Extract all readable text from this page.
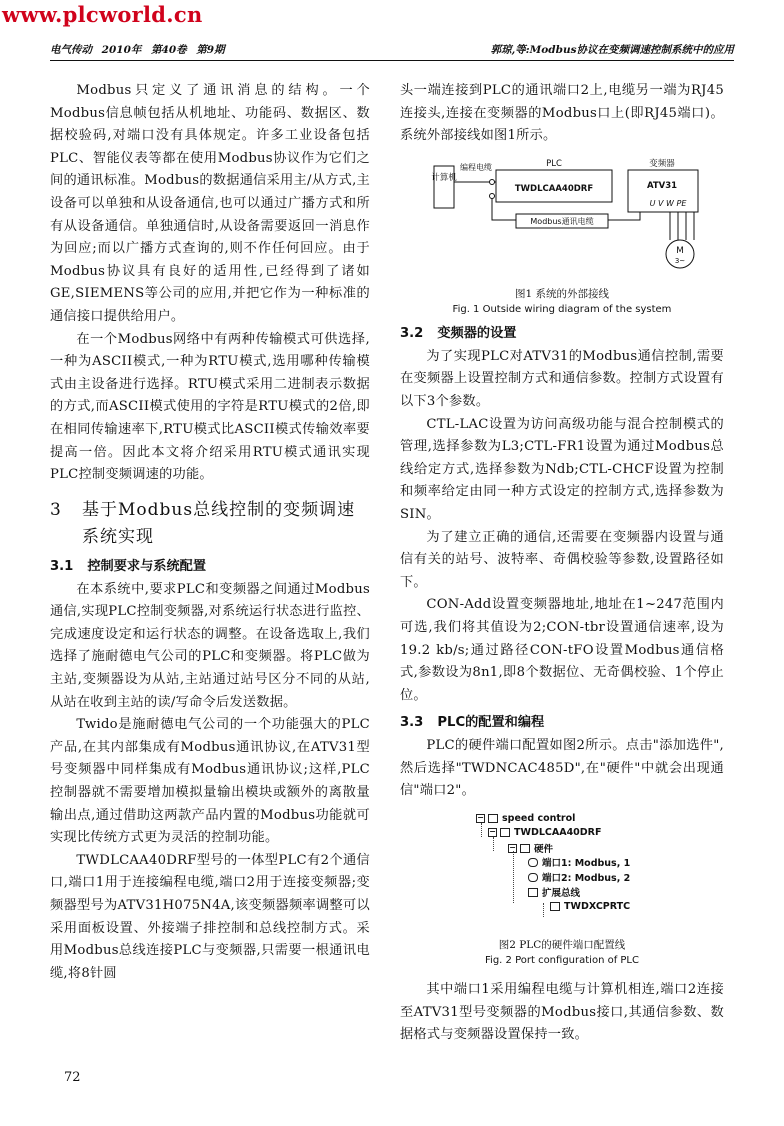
www.plcworld.cn
电气传动 2010年 第40卷 第9期	郭琼,等:Modbus协议在变频调速控制系统中的应用

Modbus只定义了通讯消息的结构。一个Modbus信息帧包括从机地址、功能码、数据区、数据校验码,对端口没有具体规定。许多工业设备包括PLC、智能仪表等都在使用Modbus协议作为它们之间的通讯标准。Modbus的数据通信采用主/从方式,主设备可以单独和从设备通信,也可以通过广播方式和所有从设备通信。单独通信时,从设备需要返回一消息作为回应;而以广播方式查询的,则不作任何回应。由于Modbus协议具有良好的适用性,已经得到了诸如GE,SIEMENS等公司的应用,并把它作为一种标准的通信接口提供给用户。

在一个Modbus网络中有两种传输模式可供选择,一种为ASCII模式,一种为RTU模式,选用哪种传输模式由主设备进行选择。RTU模式采用二进制表示数据的方式,而ASCII模式使用的字符是RTU模式的2倍,即在相同传输速率下,RTU模式比ASCII模式传输效率要提高一倍。因此本文将介绍采用RTU模式通讯实现PLC控制变频调速的功能。

3 基于Modbus总线控制的变频调速
系统实现
3.1 控制要求与系统配置

在本系统中,要求PLC和变频器之间通过Modbus通信,实现PLC控制变频器,对系统运行状态进行监控、完成速度设定和运行状态的调整。在设备选取上,我们选择了施耐德电气公司的PLC和变频器。将PLC做为主站,变频器设为从站,主站通过站号区分不同的从站,从站在收到主站的读/写命令后发送数据。

Twido是施耐德电气公司的一个功能强大的PLC产品,在其内部集成有Modbus通讯协议,在ATV31型号变频器中同样集成有Modbus通讯协议;这样,PLC控制器就不需要增加模拟量输出模块或额外的离散量输出点,通过借助这两款产品内置的Modbus功能就可实现比传统方式更为灵活的控制功能。

TWDLCAA40DRF型号的一体型PLC有2个通信口,端口1用于连接编程电缆,端口2用于连接变频器;变频器型号为ATV31H075N4A,该变频器频率调整可以采用面板设置、外接端子排控制和总线控制方式。采用Modbus总线连接PLC与变频器,只需要一根通讯电缆,将8针圆

头一端连接到PLC的通讯端口2上,电缆另一端为RJ45连接头,连接在变频器的Modbus口上(即RJ45端口)。系统外部接线如图1所示。

计算机
PLC
TWDLCAA40DRF
变频器
ATV31
U V W PE
编程电缆
Modbus通讯电缆
M
3~
图1 系统的外部接线
Fig. 1 Outside wiring diagram of the system
3.2 变频器的设置

为了实现PLC对ATV31的Modbus通信控制,需要在变频器上设置控制方式和通信参数。控制方式设置有以下3个参数。

CTL-LAC设置为访问高级功能与混合控制模式的管理,选择参数为L3;CTL-FR1设置为通过Modbus总线给定方式,选择参数为Ndb;CTL-CHCF设置为控制和频率给定由同一种方式设定的控制方式,选择参数为SIN。

为了建立正确的通信,还需要在变频器内设置与通信有关的站号、波特率、奇偶校验等参数,设置路径如下。

CON-Add设置变频器地址,地址在1~247范围内可选,我们将其值设为2;CON-tbr设置通信速率,设为19.2 kb/s;通过路径CON-tFO设置Modbus通信格式,参数设为8n1,即8个数据位、无奇偶校验、1个停止位。

3.3 PLC的配置和编程

PLC的硬件端口配置如图2所示。点击"添加选件",然后选择"TWDNCAC485D",在"硬件"中就会出现通信"端口2"。

− speed control
− TWDLCAA40DRF
− 硬件
端口1: Modbus, 1
端口2: Modbus, 2
扩展总线
TWDXCPRTC
图2 PLC的硬件端口配置线
Fig. 2 Port configuration of PLC

其中端口1采用编程电缆与计算机相连,端口2连接至ATV31型号变频器的Modbus接口,其通信参数、数据格式与变频器设置保持一致。

72
